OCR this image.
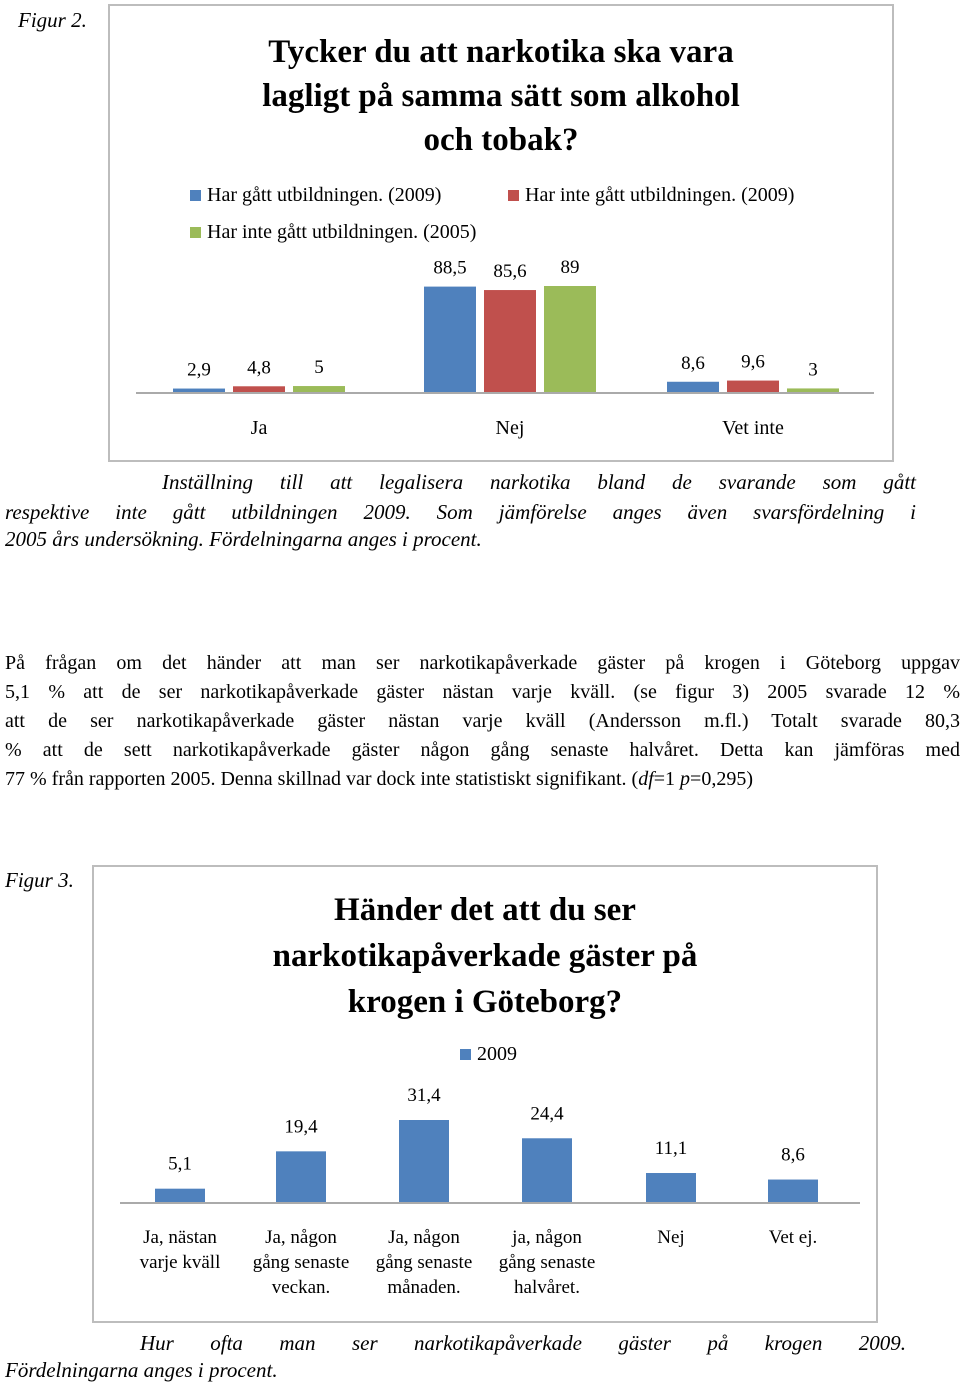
Figur 2.
Tycker du att narkotika ska vara
lagligt på samma sätt som alkohol
och tobak?
Har gått utbildningen. (2009)	Har inte gått utbildningen. (2009)
Har inte gått utbildningen. (2005)
2,9 4,8 5
Ja
88,5 85,6 89
Nej
8,6 9,6 3
Vet inte
Inställning till att legalisera narkotika bland de svarande som gått
respektive inte gått utbildningen 2009. Som jämförelse anges även svarsfördelning i
2005 års undersökning. Fördelningarna anges i procent.
På frågan om det händer att man ser narkotikapåverkade gäster på krogen i Göteborg uppgav
5,1 % att de ser narkotikapåverkade gäster nästan varje kväll. (se figur 3) 2005 svarade 12 %
att de ser narkotikapåverkade gäster nästan varje kväll (Andersson m.fl.) Totalt svarade 80,3
% att de sett narkotikapåverkade gäster någon gång senaste halvåret. Detta kan jämföras med
77 % från rapporten 2005. Denna skillnad var dock inte statistiskt signifikant. (df=1 p=0,295)
Figur 3.
Händer det att du ser
narkotikapåverkade gäster på
krogen i Göteborg?
2009
5,1
Ja, nästan varje kväll
19,4
Ja, någon gång senaste veckan.
31,4
Ja, någon gång senaste månaden.
24,4
ja, någon gång senaste halvåret.
11,1
Nej
8,6
Vet ej.
Hur ofta man ser narkotikapåverkade gäster på krogen 2009.
Fördelningarna anges i procent.
